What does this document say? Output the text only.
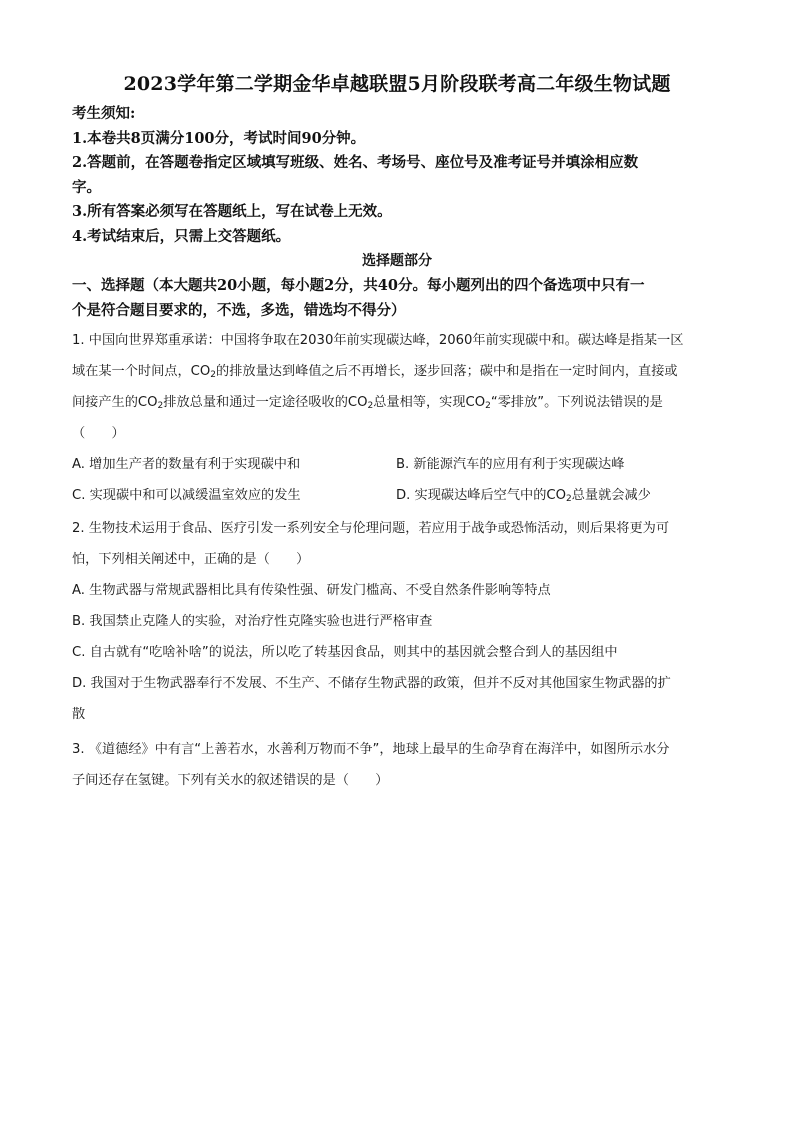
2023学年第二学期金华卓越联盟5月阶段联考高二年级生物试题
考生须知:
1.本卷共8页满分100分，考试时间90分钟。
2.答题前，在答题卷指定区域填写班级、姓名、考场号、座位号及准考证号并填涂相应数
字。
3.所有答案必须写在答题纸上，写在试卷上无效。
4.考试结束后，只需上交答题纸。
选择题部分
一、选择题（本大题共20小题，每小题2分，共40分。每小题列出的四个备选项中只有一
个是符合题目要求的，不选，多选，错选均不得分）
1. 中国向世界郑重承诺：中国将争取在2030年前实现碳达峰，2060年前实现碳中和。碳达峰是指某一区
域在某一个时间点，$CO_2$的排放量达到峰值之后不再增长，逐步回落；碳中和是指在一定时间内，直接或
间接产生的$CO_2$排放总量和通过一定途径吸收的$CO_2$总量相等，实现$CO_2“$零排放”。下列说法错误的是
（　　）
A. 增加生产者的数量有利于实现碳中和	B. 新能源汽车的应用有利于实现碳达峰
C. 实现碳中和可以减缓温室效应的发生	D. 实现碳达峰后空气中的$CO_2$总量就会减少
2. 生物技术运用于食品、医疗引发一系列安全与伦理问题，若应用于战争或恐怖活动，则后果将更为可
怕，下列相关阐述中，正确的是（　　）
A. 生物武器与常规武器相比具有传染性强、研发门槛高、不受自然条件影响等特点
B. 我国禁止克隆人的实验，对治疗性克隆实验也进行严格审查
C. 自古就有“吃啥补啥”的说法，所以吃了转基因食品，则其中的基因就会整合到人的基因组中
D. 我国对于生物武器奉行不发展、不生产、不储存生物武器的政策，但并不反对其他国家生物武器的扩
散
3. 《道德经》中有言“上善若水，水善利万物而不争”，地球上最早的生命孕育在海洋中，如图所示水分
子间还存在氢键。下列有关水的叙述错误的是（　　）
